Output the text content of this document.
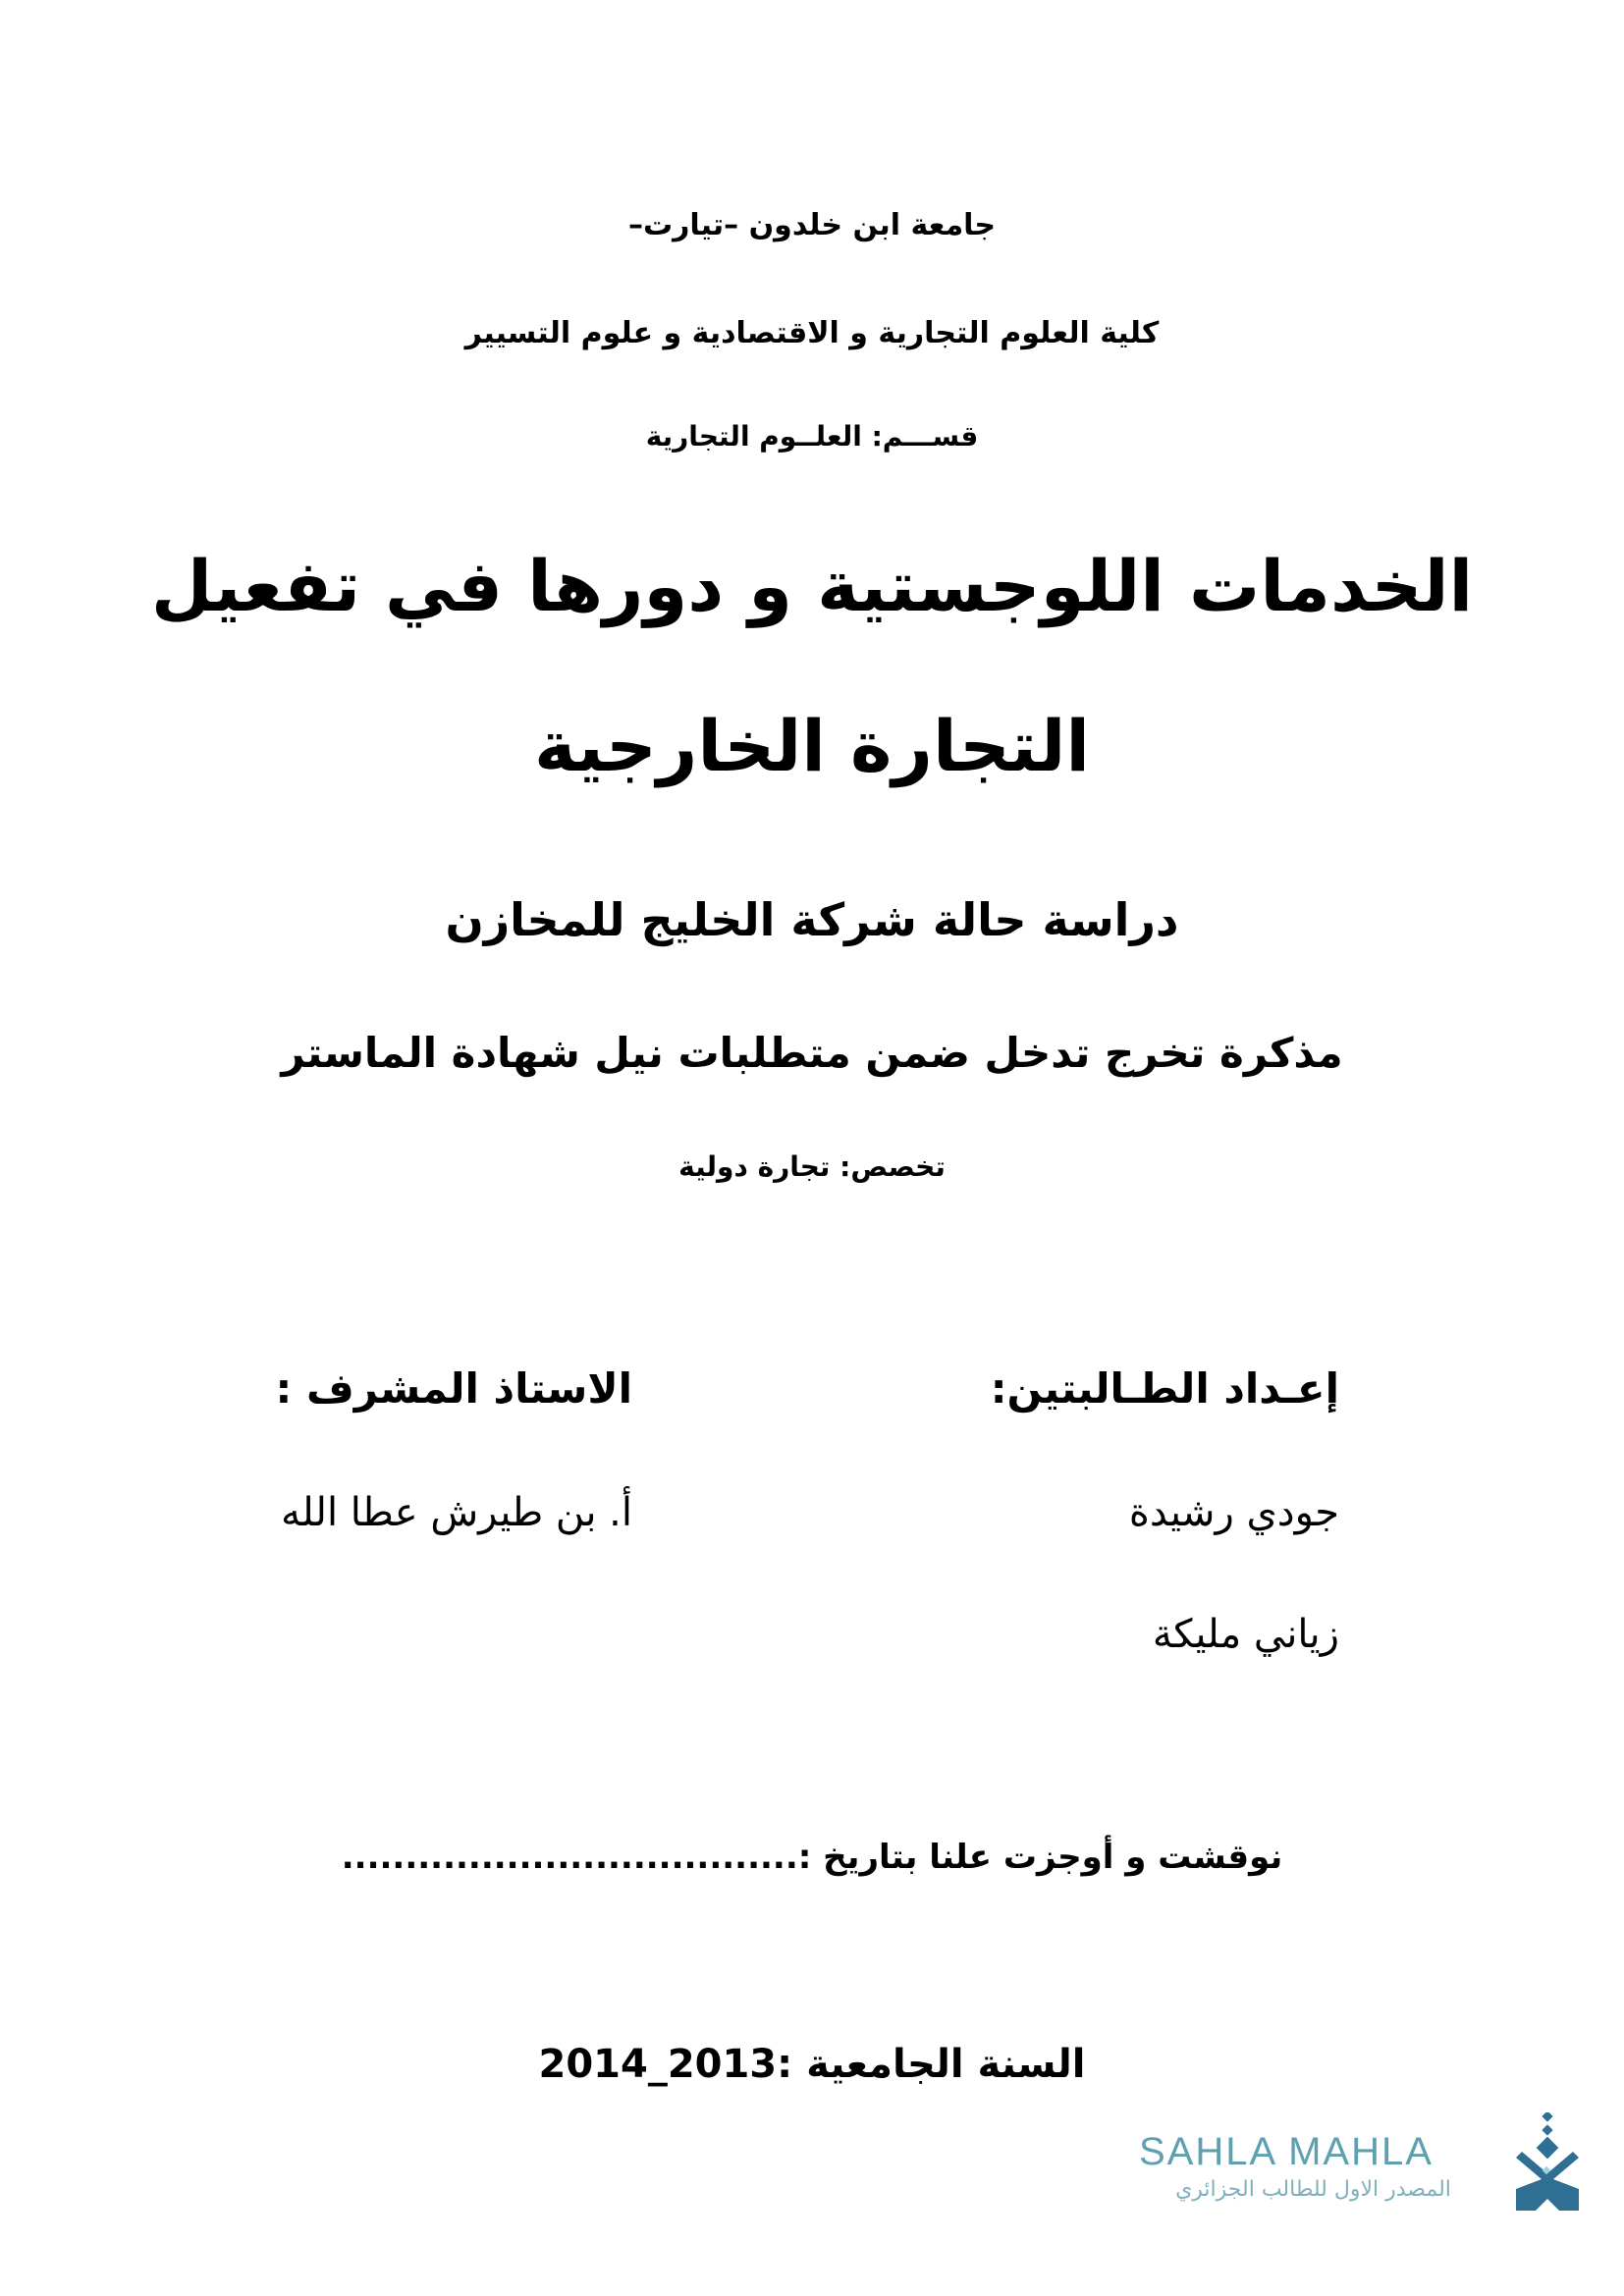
جامعة ابن خلدون –تيارت–
كلية العلوم التجارية و الاقتصادية و علوم التسيير
قســـم: العلــوم التجارية
الخدمات اللوجستية و دورها في تفعيل
التجارة الخارجية
دراسة حالة شركة الخليج للمخازن
مذكرة تخرج تدخل ضمن متطلبات نيل شهادة الماستر
تخصص: تجارة دولية
إعـداد الطـالبتين:
جودي رشيدة
زياني مليكة
الاستاذ المشرف :
أ. بن طيرش عطا الله
نوقشت و أوجزت علنا بتاريخ :....................................
السنة الجامعية :2013_2014
SAHLA MAHLA
المصدر الاول للطالب الجزائري
